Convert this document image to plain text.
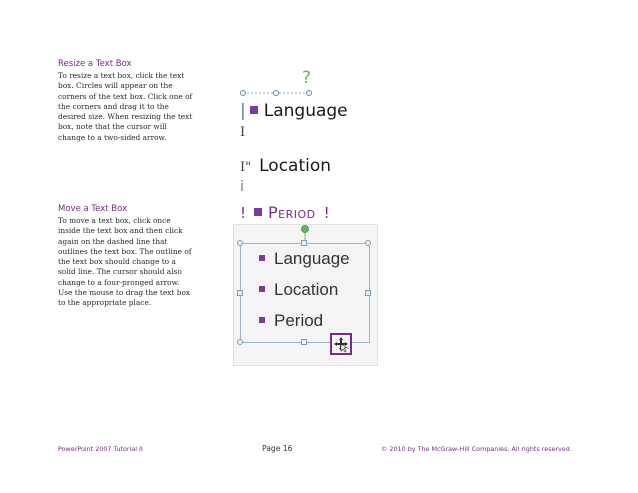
Resize a Text Box

To resize a text box, click the text box. Circles will appear on the corners of the text box. Click one of the corners and drag it to the desired size. When resizing the text box, note that the cursor will change to a two-sided arrow.

Move a Text Box

To move a text box, click once inside the text box and then click again on the dashed line that outlines the text box. The outline of the text box should change to a solid line. The cursor should also change to a four-pronged arrow. Use the mouse to drag the text box to the appropriate place.

?
| Language
I
I" Location
i
! Period !
Language
Location
Period
PowerPoint 2007 Tutorial II	Page 16	© 2010 by The McGraw-Hill Companies. All rights reserved.
